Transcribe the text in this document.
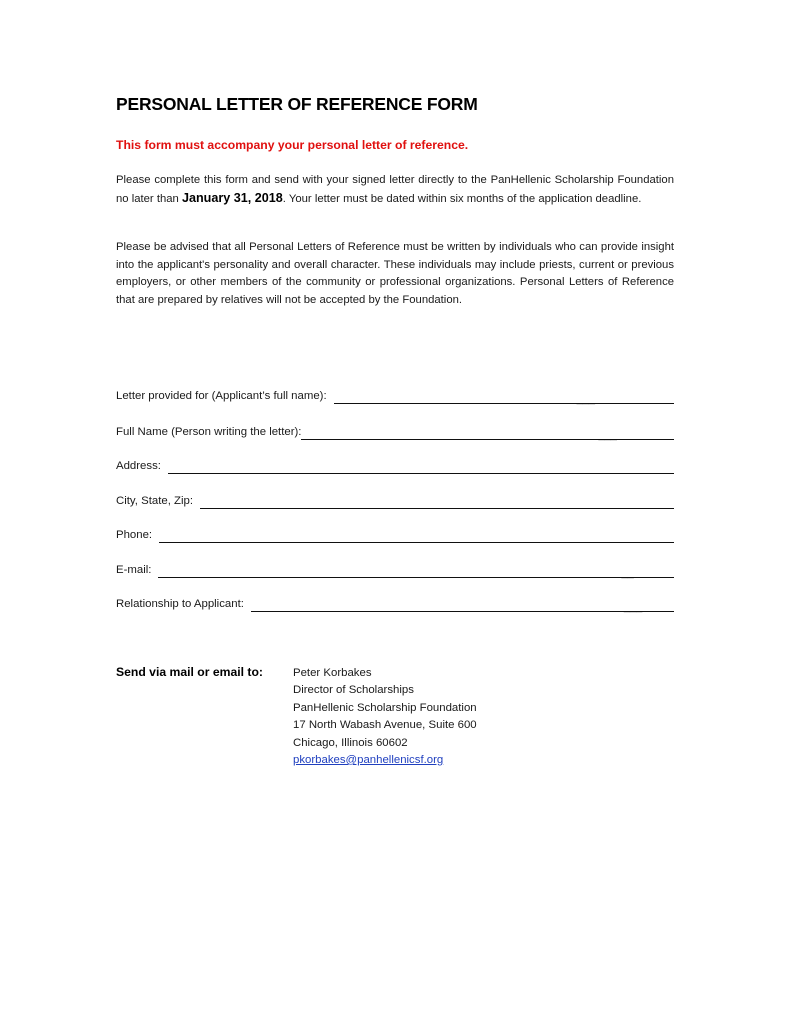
PERSONAL LETTER OF REFERENCE FORM
This form must accompany your personal letter of reference.
Please complete this form and send with your signed letter directly to the PanHellenic Scholarship Foundation no later than January 31, 2018. Your letter must be dated within six months of the application deadline.
Please be advised that all Personal Letters of Reference must be written by individuals who can provide insight into the applicant's personality and overall character. These individuals may include priests, current or previous employers, or other members of the community or professional organizations. Personal Letters of Reference that are prepared by relatives will not be accepted by the Foundation.
Letter provided for (Applicant’s full name):	___
Full Name (Person writing the letter):	___
Address:
City, State, Zip:
Phone:
E-mail:	__
Relationship to Applicant:	___
Send via mail or email to:	Peter Korbakes
Director of Scholarships
PanHellenic Scholarship Foundation
17 North Wabash Avenue, Suite 600
Chicago, Illinois 60602
pkorbakes@panhellenicsf.org
